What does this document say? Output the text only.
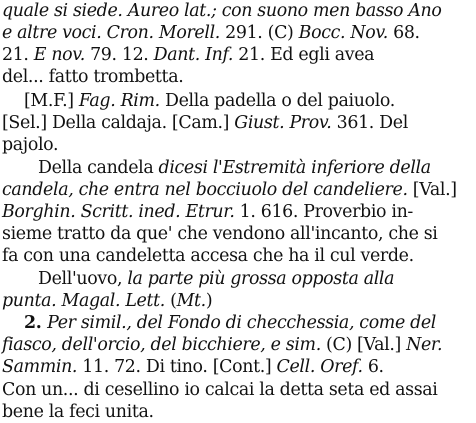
quale si siede. Aureo lat.; con suono men basso Ano
e altre voci. Cron. Morell. 291. (C) Bocc. Nov. 68.
21. E nov. 79. 12. Dant. Inf. 21. Ed egli avea
del... fatto trombetta.
[M.F.] Fag. Rim. Della padella o del paiuolo.
[Sel.] Della caldaja. [Cam.] Giust. Prov. 361. Del
pajolo.
Della candela dicesi l'Estremità inferiore della
candela, che entra nel bocciuolo del candeliere. [Val.]
Borghin. Scritt. ined. Etrur. 1. 616. Proverbio in-
sieme tratto da que' che vendono all'incanto, che si
fa con una candeletta accesa che ha il cul verde.
Dell'uovo, la parte più grossa opposta alla
punta. Magal. Lett. (Mt.)
2. Per simil., del Fondo di checchessia, come del
fiasco, dell'orcio, del bicchiere, e sim. (C) [Val.] Ner.
Sammin. 11. 72. Di tino. [Cont.] Cell. Oref. 6.
Con un... di cesellino io calcai la detta seta ed assai
bene la feci unita.
